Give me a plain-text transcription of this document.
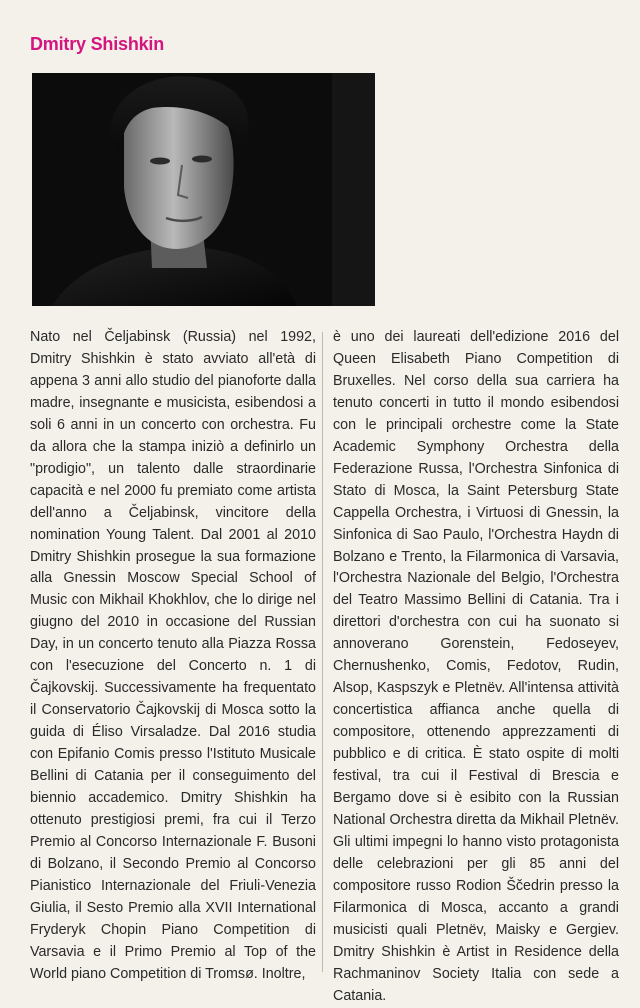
Dmitry Shishkin

Nato nel Čeljabinsk (Russia) nel 1992, Dmitry Shishkin è stato avviato all'età di appena 3 anni allo studio del pianoforte dalla madre, insegnante e musicista, esibendosi a soli 6 anni in un concerto con orchestra. Fu da allora che la stampa iniziò a definirlo un "prodigio", un talento dalle straordinarie capacità e nel 2000 fu premiato come artista dell'anno a Čeljabinsk, vincitore della nomination Young Talent. Dal 2001 al 2010 Dmitry Shishkin prosegue la sua formazione alla Gnessin Moscow Special School of Music con Mikhail Khokhlov, che lo dirige nel giugno del 2010 in occasione del Russian Day, in un concerto tenuto alla Piazza Rossa con l'esecuzione del Concerto n. 1 di Čajkovskij. Successivamente ha frequentato il Conservatorio Čajkovskij di Mosca sotto la guida di Éliso Virsaladze. Dal 2016 studia con Epifanio Comis presso l'Istituto Musicale Bellini di Catania per il conseguimento del biennio accademico. Dmitry Shishkin ha ottenuto prestigiosi premi, fra cui il Terzo Premio al Concorso Internazionale F. Busoni di Bolzano, il Secondo Premio al Concorso Pianistico Internazionale del Friuli-Venezia Giulia, il Sesto Premio alla XVII International Fryderyk Chopin Piano Competition di Varsavia e il Primo Premio al Top of the World piano Competition di Tromsø. Inoltre,

è uno dei laureati dell'edizione 2016 del Queen Elisabeth Piano Competition di Bruxelles. Nel corso della sua carriera ha tenuto concerti in tutto il mondo esibendosi con le principali orchestre come la State Academic Symphony Orchestra della Federazione Russa, l'Orchestra Sinfonica di Stato di Mosca, la Saint Petersburg State Cappella Orchestra, i Virtuosi di Gnessin, la Sinfonica di Sao Paulo, l'Orchestra Haydn di Bolzano e Trento, la Filarmonica di Varsavia, l'Orchestra Nazionale del Belgio, l'Orchestra del Teatro Massimo Bellini di Catania. Tra i direttori d'orchestra con cui ha suonato si annoverano Gorenstein, Fedoseyev, Chernushenko, Comis, Fedotov, Rudin, Alsop, Kaspszyk e Pletnëv. All'intensa attività concertistica affianca anche quella di compositore, ottenendo apprezzamenti di pubblico e di critica. È stato ospite di molti festival, tra cui il Festival di Brescia e Bergamo dove si è esibito con la Russian National Orchestra diretta da Mikhail Pletnëv. Gli ultimi impegni lo hanno visto protagonista delle celebrazioni per gli 85 anni del compositore russo Rodion Ščedrin presso la Filarmonica di Mosca, accanto a grandi musicisti quali Pletnëv, Maisky e Gergiev. Dmitry Shishkin è Artist in Residence della Rachmaninov Society Italia con sede a Catania.
